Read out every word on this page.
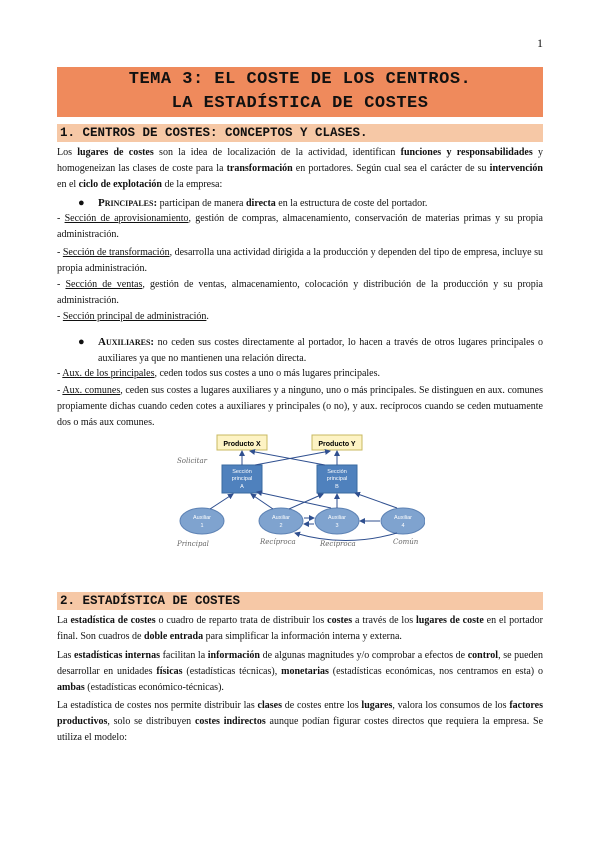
1
TEMA 3: EL COSTE DE LOS CENTROS.
LA ESTADÍSTICA DE COSTES
1. CENTROS DE COSTES: CONCEPTOS Y CLASES.
Los lugares de costes son la idea de localización de la actividad, identifican funciones y responsabilidades y homogeneizan las clases de coste para la transformación en portadores. Según cual sea el carácter de su intervención en el ciclo de explotación de la empresa:
● Principales: participan de manera directa en la estructura de coste del portador.
- Sección de aprovisionamiento, gestión de compras, almacenamiento, conservación de materias primas y su propia administración.
- Sección de transformación, desarrolla una actividad dirigida a la producción y dependen del tipo de empresa, incluye su propia administración.
- Sección de ventas, gestión de ventas, almacenamiento, colocación y distribución de la producción y su propia administración.
- Sección principal de administración.
● Auxiliares: no ceden sus costes directamente al portador, lo hacen a través de otros lugares principales o auxiliares ya que no mantienen una relación directa.
- Aux. de los principales, ceden todos sus costes a uno o más lugares principales.
- Aux. comunes, ceden sus costes a lugares auxiliares y a ninguno, uno o más principales. Se distinguen en aux. comunes propiamente dichas cuando ceden cotes a auxiliares y principales (o no), y aux. recíprocos cuando se ceden mutuamente dos o más aux comunes.
Producto X	Producto Y
Sección
principal
A
Sección
principal
B
Auxiliar
1
Auxiliar
2
Auxiliar
3
Auxiliar
4
Solicitar
Principal	Recíproca	Recíproca	Común
2. ESTADÍSTICA DE COSTES
La estadística de costes o cuadro de reparto trata de distribuir los costes a través de los lugares de coste en el portador final. Son cuadros de doble entrada para simplificar la información interna y externa.
Las estadísticas internas facilitan la información de algunas magnitudes y/o comprobar a efectos de control, se pueden desarrollar en unidades físicas (estadísticas técnicas), monetarias (estadísticas económicas, nos centramos en esta) o ambas (estadísticas económico-técnicas).
La estadística de costes nos permite distribuir las clases de costes entre los lugares, valora los consumos de los factores productivos, solo se distribuyen costes indirectos aunque podían figurar costes directos que requiera la empresa. Se utiliza el modelo:
